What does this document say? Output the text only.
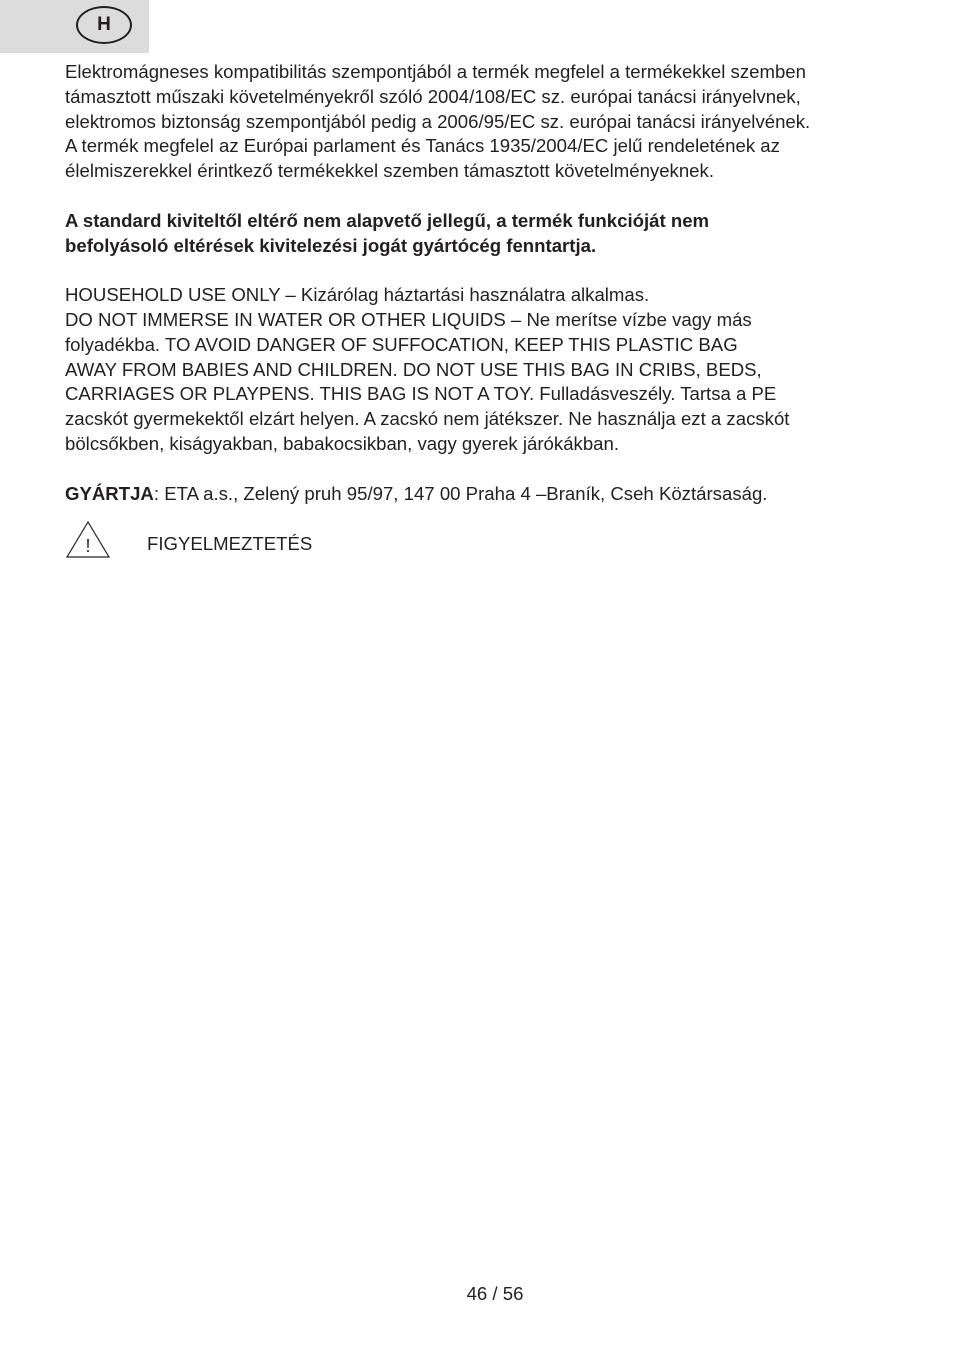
H

Elektromágneses kompatibilitás szempontjából a termék megfelel a termékekkel szemben
támasztott műszaki követelményekről szóló 2004/108/EC sz. európai tanácsi irányelvnek,
elektromos biztonság szempontjából pedig a 2006/95/EC sz. európai tanácsi irányelvének.
A termék megfelel az Európai parlament és Tanács 1935/2004/EC jelű rendeletének az
élelmiszerekkel érintkező termékekkel szemben támasztott követelményeknek.

A standard kiviteltől eltérő nem alapvető jellegű, a termék funkcióját nem
befolyásoló eltérések kivitelezési jogát gyártócég fenntartja.

HOUSEHOLD USE ONLY – Kizárólag háztartási használatra alkalmas.
DO NOT IMMERSE IN WATER OR OTHER LIQUIDS – Ne merítse vízbe vagy más
folyadékba. TO AVOID DANGER OF SUFFOCATION, KEEP THIS PLASTIC BAG
AWAY FROM BABIES AND CHILDREN. DO NOT USE THIS BAG IN CRIBS, BEDS,
CARRIAGES OR PLAYPENS. THIS BAG IS NOT A TOY. Fulladásveszély. Tartsa a PE
zacskót gyermekektől elzárt helyen. A zacskó nem játékszer. Ne használja ezt a zacskót
bölcsőkben, kiságyakban, babakocsikban, vagy gyerek járókákban.

GYÁRTJA: ETA a.s., Zelený pruh 95/97, 147 00 Praha 4 –Braník, Cseh Köztársaság.

!	FIGYELMEZTETÉS
46 / 56
